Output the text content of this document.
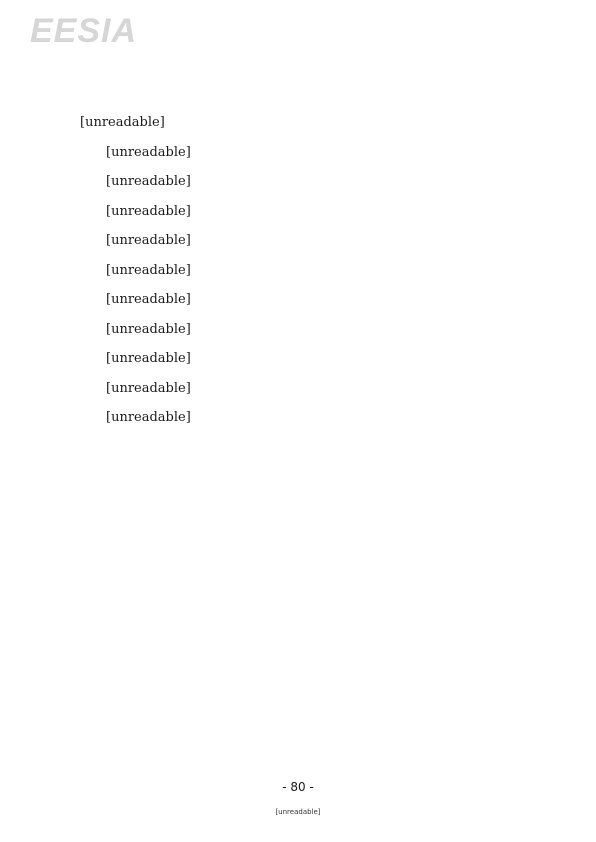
EESIA

[unreadable]

[unreadable]

[unreadable]

[unreadable]

[unreadable]

[unreadable]

[unreadable]

[unreadable]

[unreadable]

[unreadable]

[unreadable]

- 80 -
[unreadable]
